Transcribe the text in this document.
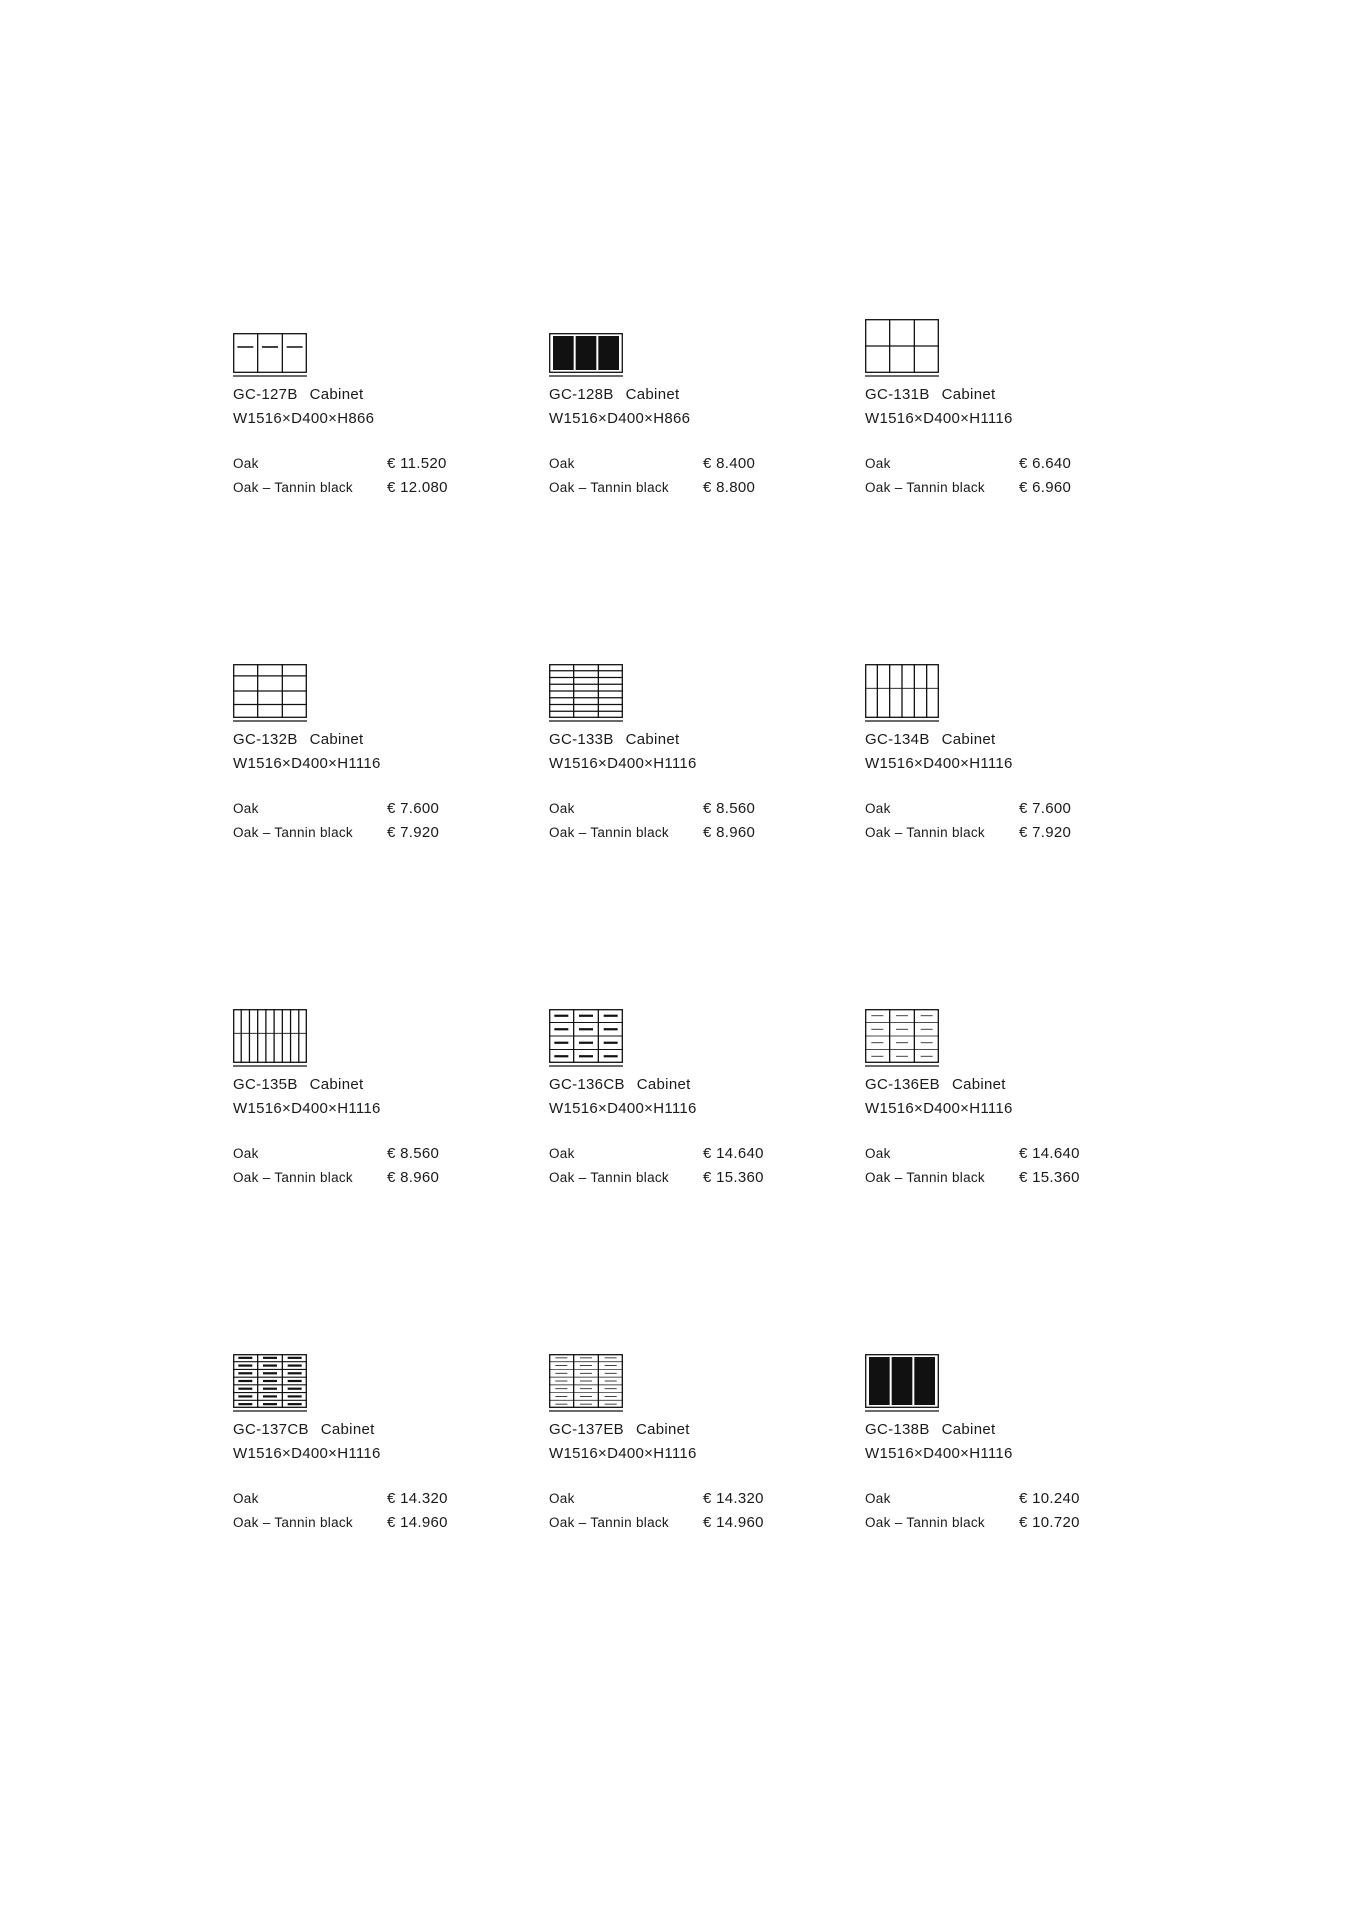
GC-127B Cabinet
W1516×D400×H866
Oak	€ 11.520
Oak – Tannin black € 12.080
GC-128B Cabinet
W1516×D400×H866
Oak	€ 8.400
Oak – Tannin black € 8.800
GC-131B Cabinet
W1516×D400×H1116
Oak	€ 6.640
Oak – Tannin black € 6.960
GC-132B Cabinet
W1516×D400×H1116
Oak	€ 7.600
Oak – Tannin black € 7.920
GC-133B Cabinet
W1516×D400×H1116
Oak	€ 8.560
Oak – Tannin black € 8.960
GC-134B Cabinet
W1516×D400×H1116
Oak	€ 7.600
Oak – Tannin black € 7.920
GC-135B Cabinet
W1516×D400×H1116
Oak	€ 8.560
Oak – Tannin black € 8.960
GC-136CB Cabinet
W1516×D400×H1116
Oak	€ 14.640
Oak – Tannin black € 15.360
GC-136EB Cabinet
W1516×D400×H1116
Oak	€ 14.640
Oak – Tannin black € 15.360
GC-137CB Cabinet
W1516×D400×H1116
Oak	€ 14.320
Oak – Tannin black € 14.960
GC-137EB Cabinet
W1516×D400×H1116
Oak	€ 14.320
Oak – Tannin black € 14.960
GC-138B Cabinet
W1516×D400×H1116
Oak	€ 10.240
Oak – Tannin black € 10.720
